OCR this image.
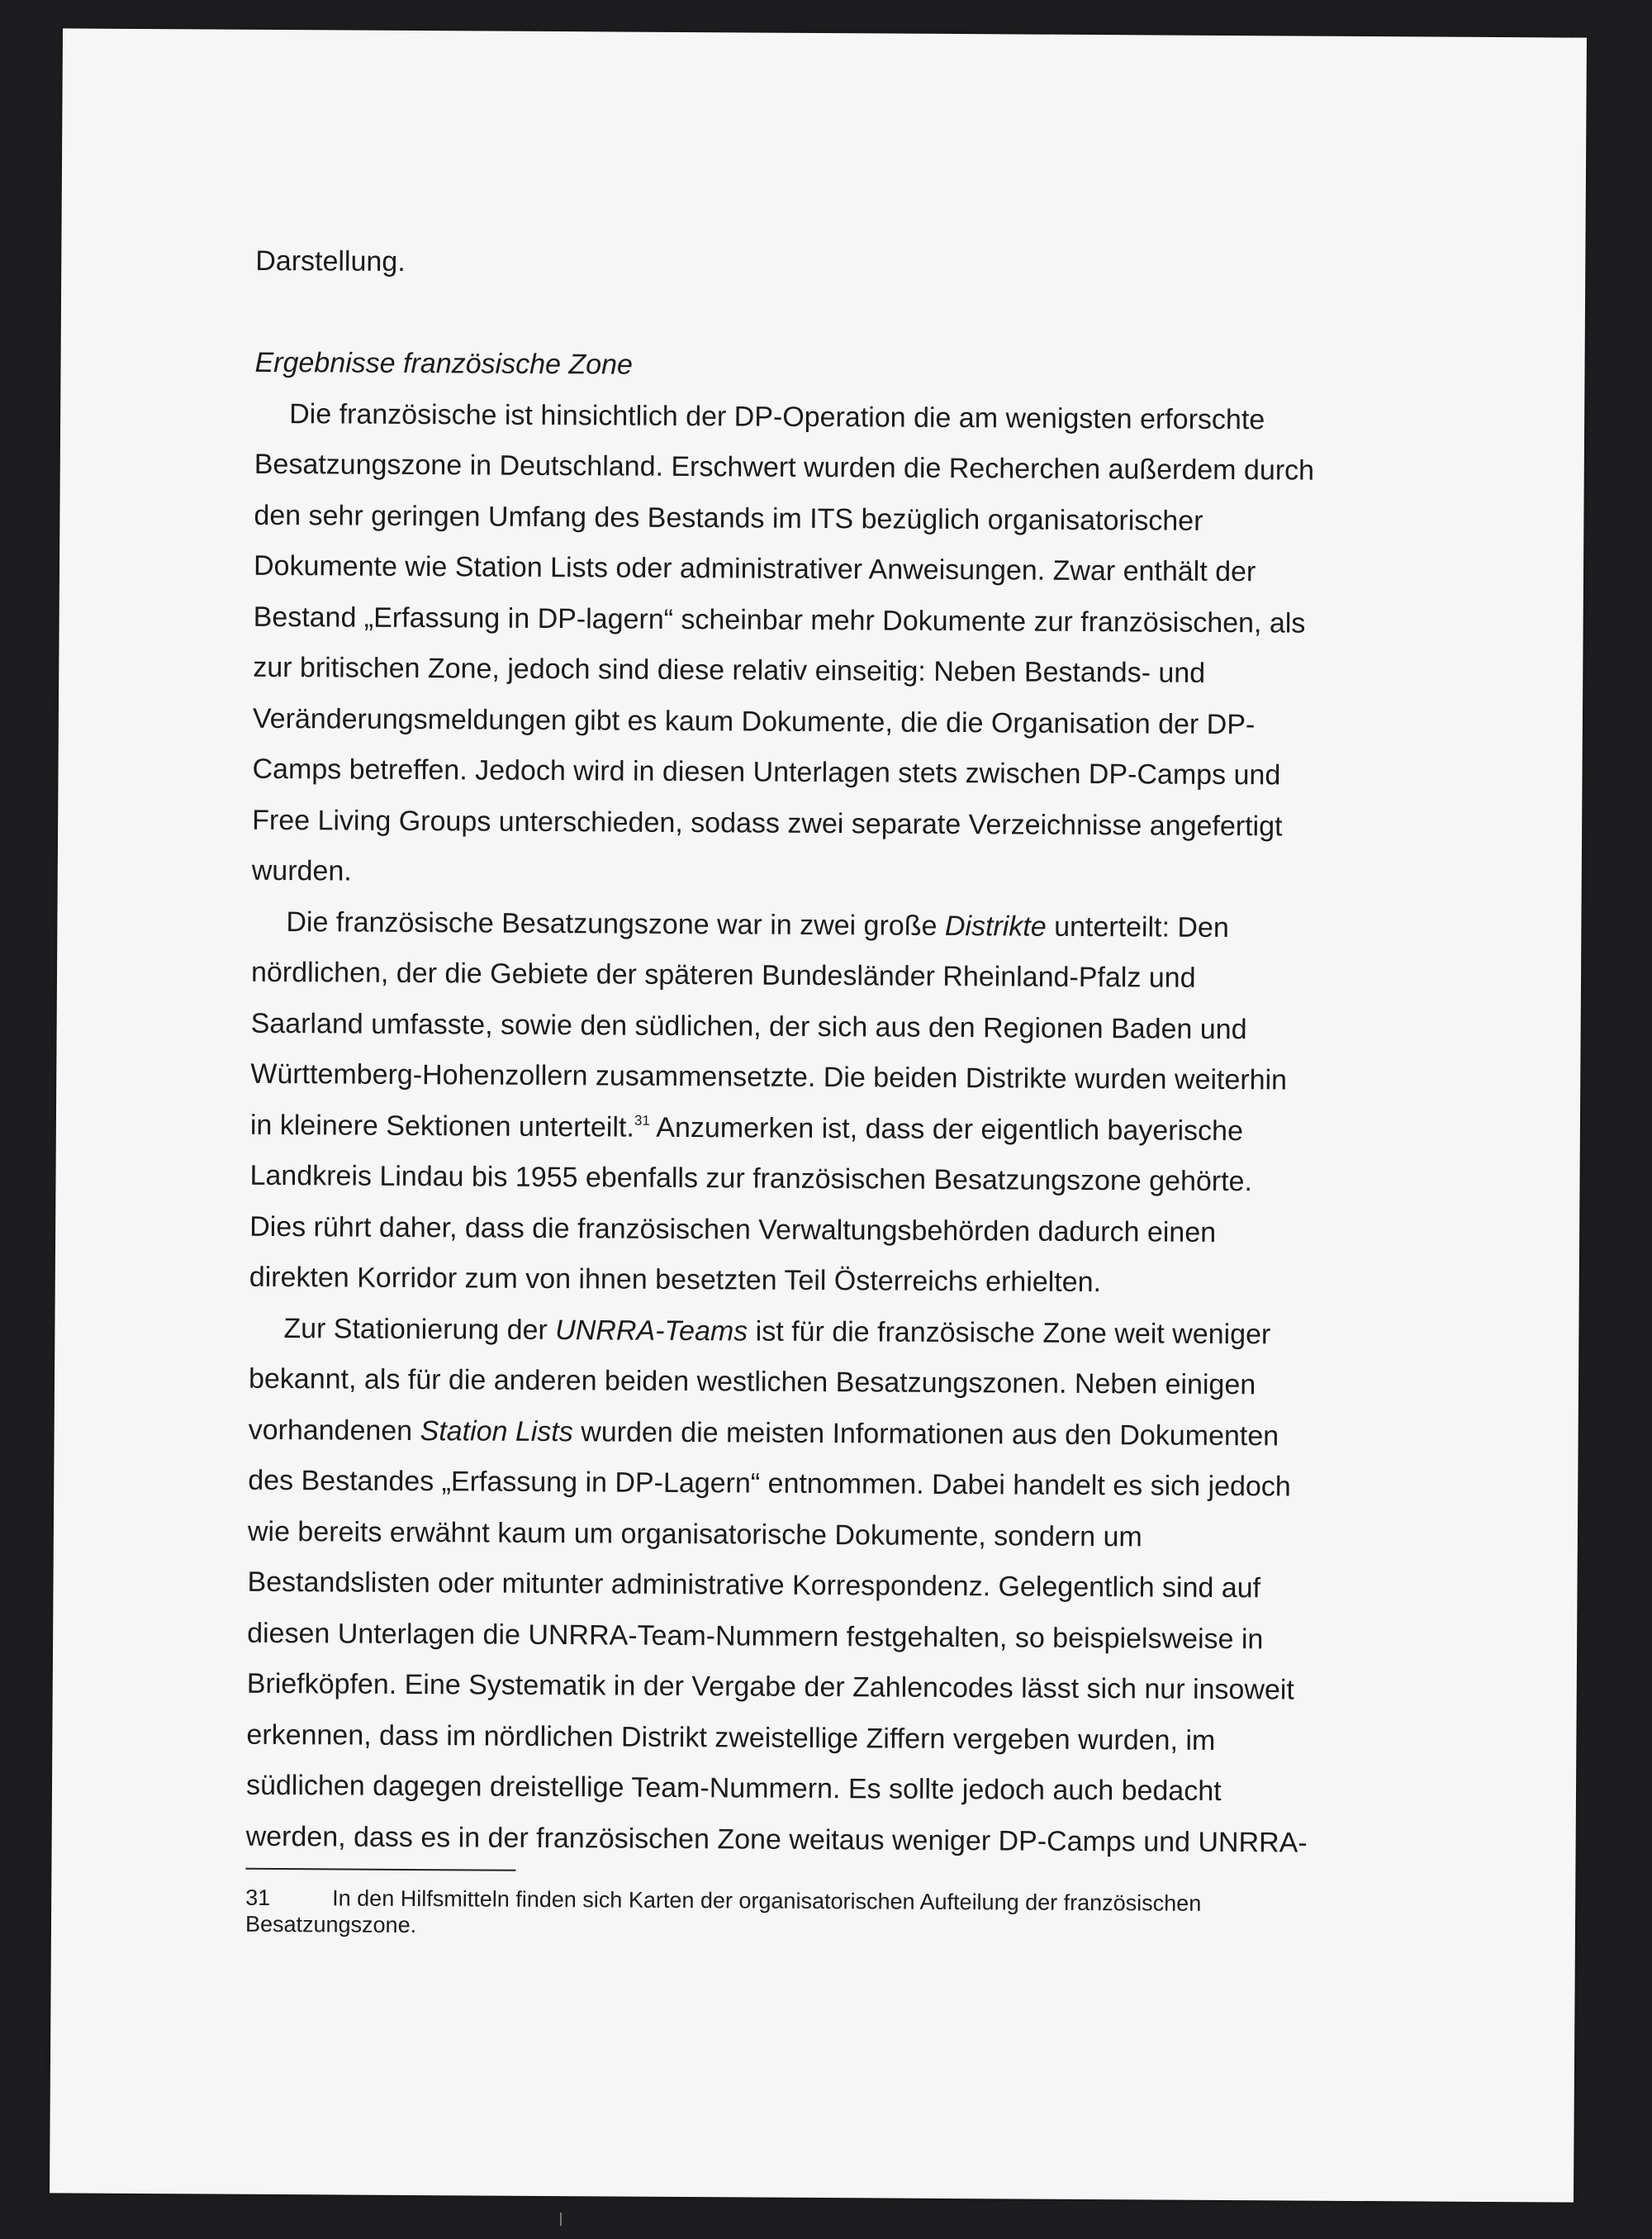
Darstellung.
Ergebnisse französische Zone

Die französische ist hinsichtlich der DP-Operation die am wenigsten erforschte
Besatzungszone in Deutschland. Erschwert wurden die Recherchen außerdem durch
den sehr geringen Umfang des Bestands im ITS bezüglich organisatorischer
Dokumente wie Station Lists oder administrativer Anweisungen. Zwar enthält der
Bestand „Erfassung in DP-lagern“ scheinbar mehr Dokumente zur französischen, als
zur britischen Zone, jedoch sind diese relativ einseitig: Neben Bestands- und
Veränderungsmeldungen gibt es kaum Dokumente, die die Organisation der DP-
Camps betreffen. Jedoch wird in diesen Unterlagen stets zwischen DP-Camps und
Free Living Groups unterschieden, sodass zwei separate Verzeichnisse angefertigt
wurden.

Die französische Besatzungszone war in zwei große Distrikte unterteilt: Den
nördlichen, der die Gebiete der späteren Bundesländer Rheinland-Pfalz und
Saarland umfasste, sowie den südlichen, der sich aus den Regionen Baden und
Württemberg-Hohenzollern zusammensetzte. Die beiden Distrikte wurden weiterhin
in kleinere Sektionen unterteilt.$^{31}$ Anzumerken ist, dass der eigentlich bayerische
Landkreis Lindau bis 1955 ebenfalls zur französischen Besatzungszone gehörte.
Dies rührt daher, dass die französischen Verwaltungsbehörden dadurch einen
direkten Korridor zum von ihnen besetzten Teil Österreichs erhielten.

Zur Stationierung der UNRRA-Teams ist für die französische Zone weit weniger
bekannt, als für die anderen beiden westlichen Besatzungszonen. Neben einigen
vorhandenen Station Lists wurden die meisten Informationen aus den Dokumenten
des Bestandes „Erfassung in DP-Lagern“ entnommen. Dabei handelt es sich jedoch
wie bereits erwähnt kaum um organisatorische Dokumente, sondern um
Bestandslisten oder mitunter administrative Korrespondenz. Gelegentlich sind auf
diesen Unterlagen die UNRRA-Team-Nummern festgehalten, so beispielsweise in
Briefköpfen. Eine Systematik in der Vergabe der Zahlencodes lässt sich nur insoweit
erkennen, dass im nördlichen Distrikt zweistellige Ziffern vergeben wurden, im
südlichen dagegen dreistellige Team-Nummern. Es sollte jedoch auch bedacht
werden, dass es in der französischen Zone weitaus weniger DP-Camps und UNRRA-

31	In den Hilfsmitteln finden sich Karten der organisatorischen Aufteilung der französischen
Besatzungszone.
